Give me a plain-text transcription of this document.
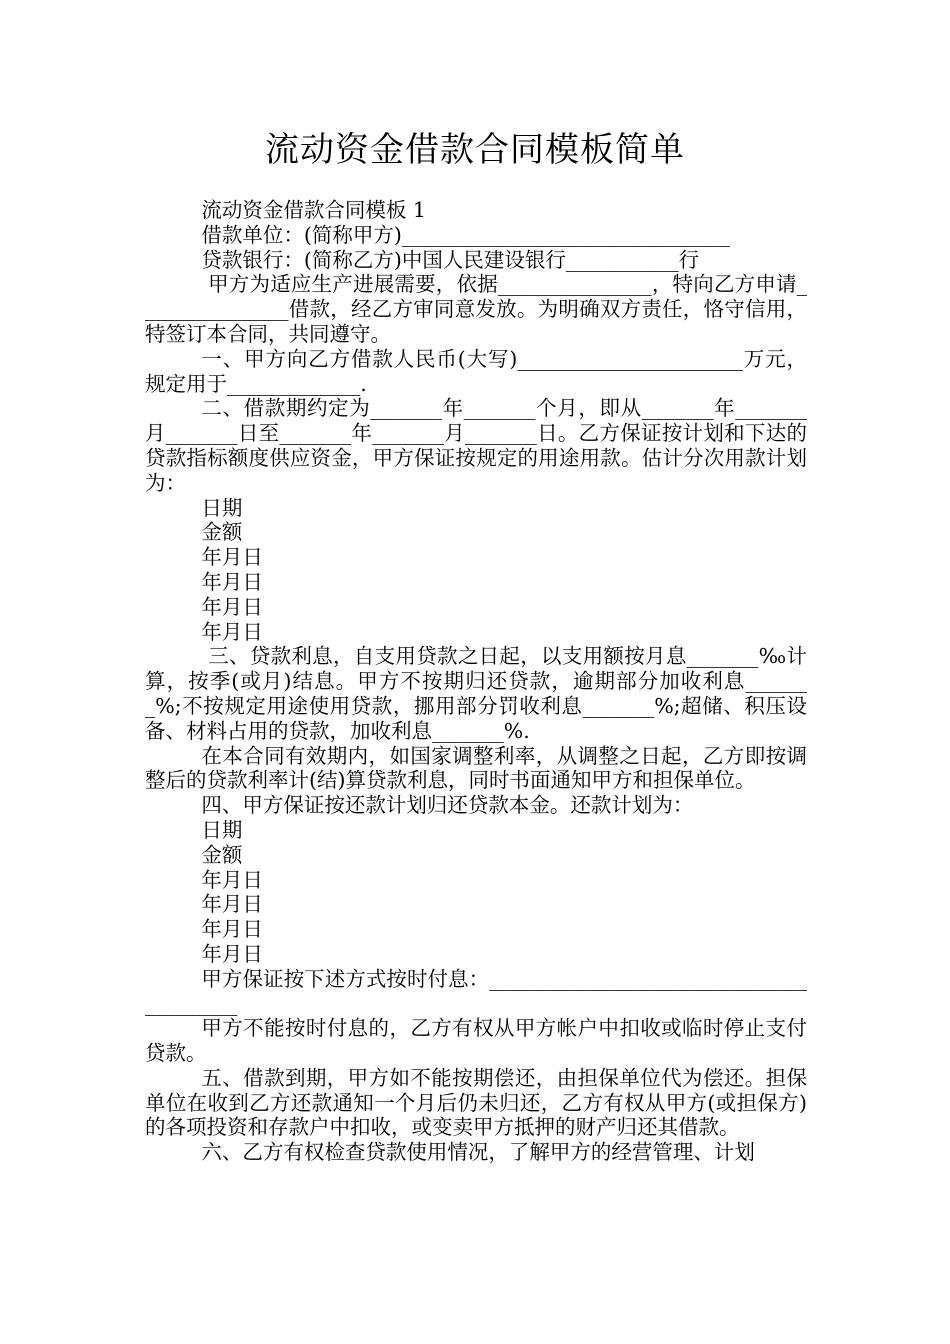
流动资金借款合同模板简单

流动资金借款合同模板 1

借款单位：(简称甲方)________________________________

贷款银行：(简称乙方)中国人民建设银行___________行

甲方为适应生产进展需要，依据_______________，特向乙方申请_______________借款，经乙方审同意发放。为明确双方责任，恪守信用，特签订本合同，共同遵守。

一、甲方向乙方借款人民币(大写)______________________万元，规定用于_____________.

二、借款期约定为_______年_______个月，即从_______年_______月_______日至_______年_______月_______日。乙方保证按计划和下达的贷款指标额度供应资金，甲方保证按规定的用途用款。估计分次用款计划为：

日期

金额

年月日

年月日

年月日

年月日

三、贷款利息，自支用贷款之日起，以支用额按月息_______‰计算，按季(或月)结息。甲方不按期归还贷款，逾期部分加收利息_______%;不按规定用途使用贷款，挪用部分罚收利息_______%;超储、积压设备、材料占用的贷款，加收利息_______%.

在本合同有效期内，如国家调整利率，从调整之日起，乙方即按调整后的贷款利率计(结)算贷款利息，同时书面通知甲方和担保单位。

四、甲方保证按还款计划归还贷款本金。还款计划为：

日期

金额

年月日

年月日

年月日

年月日

甲方保证按下述方式按时付息：________________________________________

甲方不能按时付息的，乙方有权从甲方帐户中扣收或临时停止支付贷款。

五、借款到期，甲方如不能按期偿还，由担保单位代为偿还。担保单位在收到乙方还款通知一个月后仍未归还，乙方有权从甲方(或担保方)的各项投资和存款户中扣收，或变卖甲方抵押的财产归还其借款。

六、乙方有权检查贷款使用情况，了解甲方的经营管理、计划
